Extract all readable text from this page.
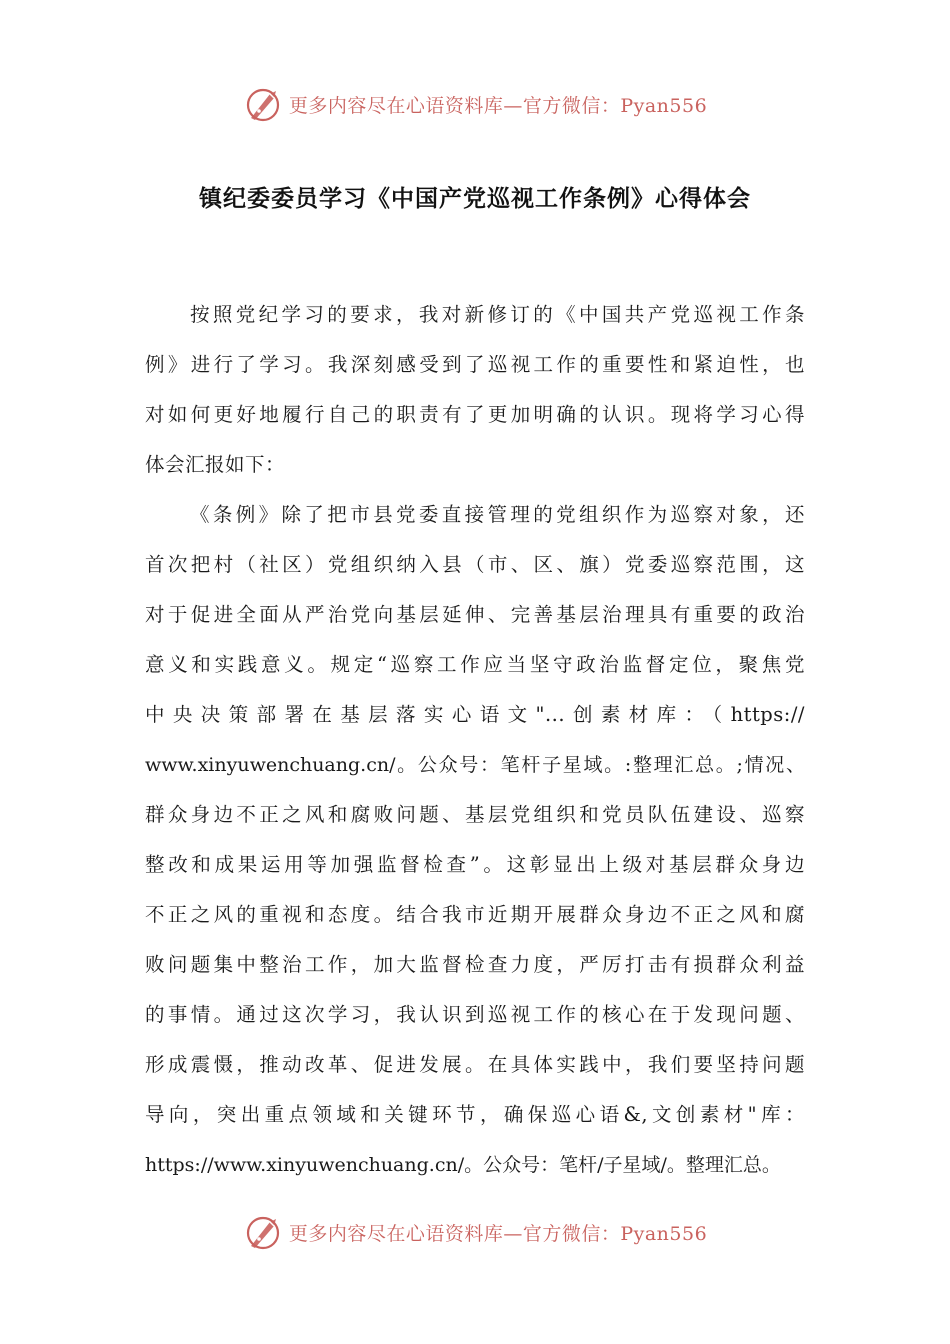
更多内容尽在心语资料库—官方微信：Pyan556
镇纪委委员学习《中国产党巡视工作条例》心得体会
按照党纪学习的要求，我对新修订的《中国共产党巡视工作条
例》进行了学习。我深刻感受到了巡视工作的重要性和紧迫性，也
对如何更好地履行自己的职责有了更加明确的认识。现将学习心得
体会汇报如下：
《条例》除了把市县党委直接管理的党组织作为巡察对象，还
首次把村（社区）党组织纳入县（市、区、旗）党委巡察范围，这
对于促进全面从严治党向基层延伸、完善基层治理具有重要的政治
意义和实践意义。规定“巡察工作应当坚守政治监督定位，聚焦党
中央决策部署在基层落实心语文"...创素材库：（https://
www.xinyuwenchuang.cn/。公众号：笔杆子星域。:整理汇总。;情况、
群众身边不正之风和腐败问题、基层党组织和党员队伍建设、巡察
整改和成果运用等加强监督检查”。这彰显出上级对基层群众身边
不正之风的重视和态度。结合我市近期开展群众身边不正之风和腐
败问题集中整治工作，加大监督检查力度，严厉打击有损群众利益
的事情。通过这次学习，我认识到巡视工作的核心在于发现问题、
形成震慑，推动改革、促进发展。在具体实践中，我们要坚持问题
导向，突出重点领域和关键环节，确保巡心语&,文创素材"库：
https://www.xinyuwenchuang.cn/。公众号：笔杆/子星域/。整理汇总。
更多内容尽在心语资料库—官方微信：Pyan556
